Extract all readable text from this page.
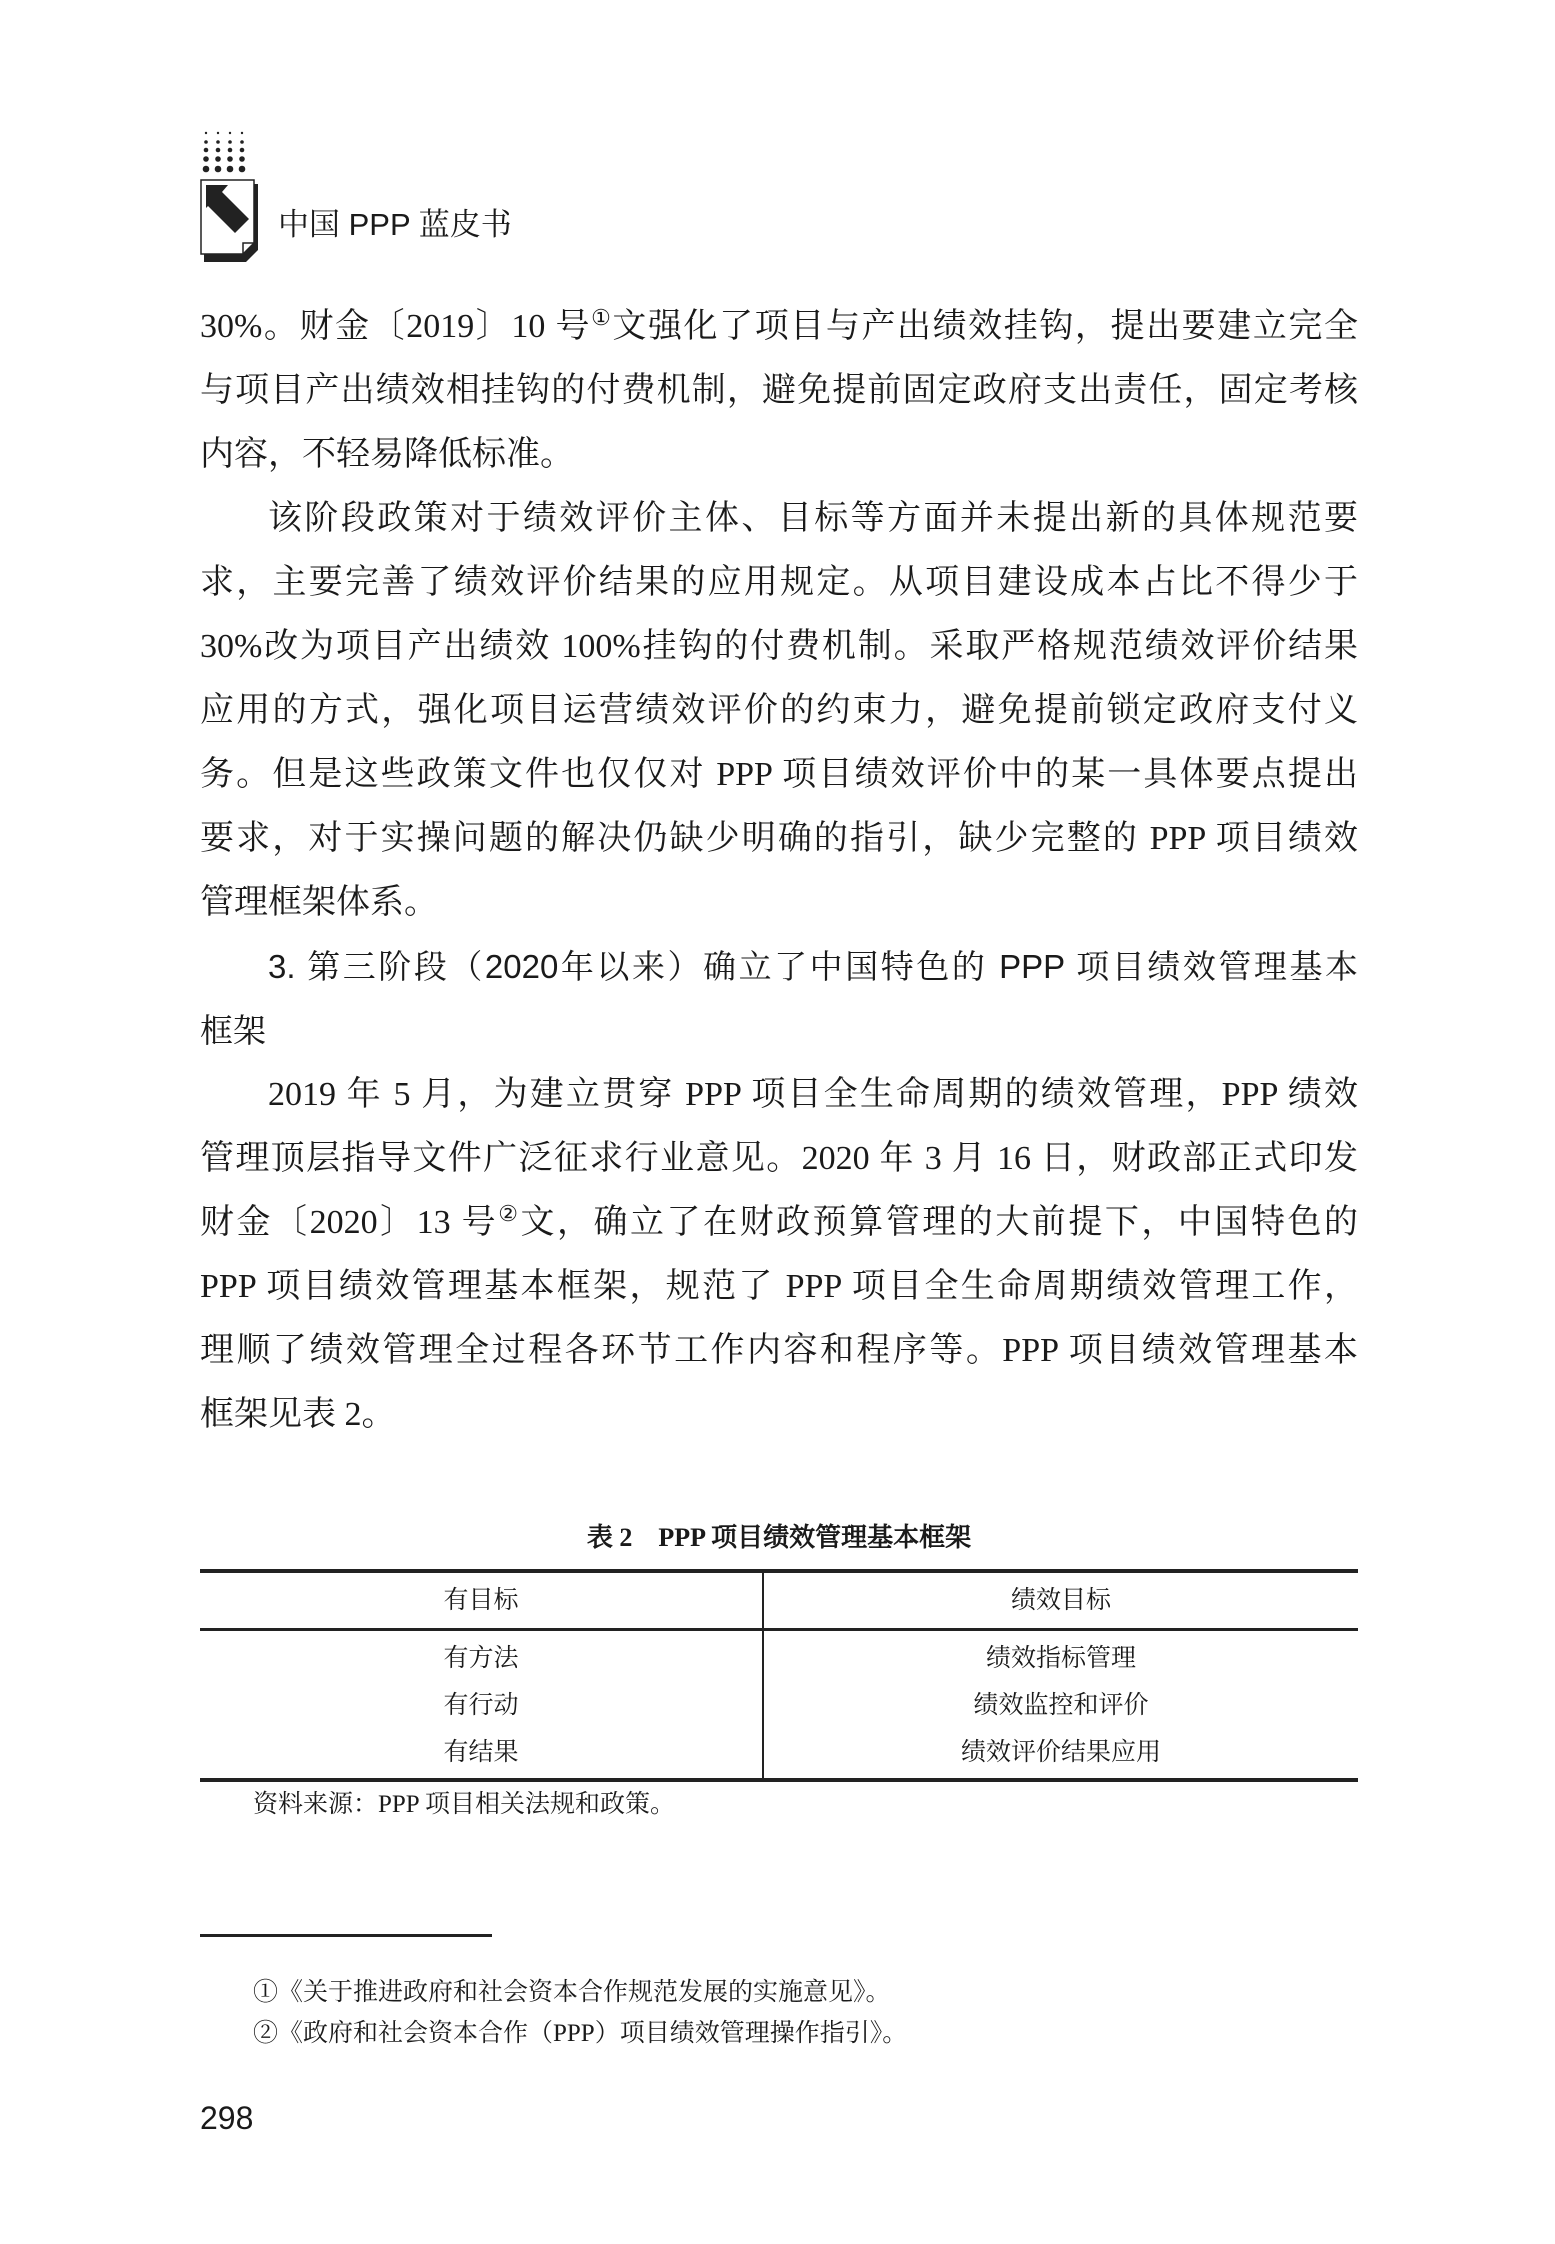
中国 PPP 蓝皮书
30%。财金〔2019〕10 号①文强化了项目与产出绩效挂钩，提出要建立完全
与项目产出绩效相挂钩的付费机制，避免提前固定政府支出责任，固定考核
内容，不轻易降低标准。
该阶段政策对于绩效评价主体、目标等方面并未提出新的具体规范要
求，主要完善了绩效评价结果的应用规定。从项目建设成本占比不得少于
30%改为项目产出绩效 100%挂钩的付费机制。采取严格规范绩效评价结果
应用的方式，强化项目运营绩效评价的约束力，避免提前锁定政府支付义
务。但是这些政策文件也仅仅对 PPP 项目绩效评价中的某一具体要点提出
要求，对于实操问题的解决仍缺少明确的指引，缺少完整的 PPP 项目绩效
管理框架体系。
3. 第三阶段（2020年以来）确立了中国特色的 PPP 项目绩效管理基本
框架
2019 年 5 月，为建立贯穿 PPP 项目全生命周期的绩效管理，PPP 绩效
管理顶层指导文件广泛征求行业意见。2020 年 3 月 16 日，财政部正式印发
财金〔2020〕13 号②文，确立了在财政预算管理的大前提下，中国特色的
PPP 项目绩效管理基本框架，规范了 PPP 项目全生命周期绩效管理工作，
理顺了绩效管理全过程各环节工作内容和程序等。PPP 项目绩效管理基本
框架见表 2。
表 2　PPP 项目绩效管理基本框架
有目标	绩效目标
有方法
有行动
有结果
绩效指标管理
绩效监控和评价
绩效评价结果应用
资料来源：PPP 项目相关法规和政策。
①《关于推进政府和社会资本合作规范发展的实施意见》。
②《政府和社会资本合作（PPP）项目绩效管理操作指引》。
298
